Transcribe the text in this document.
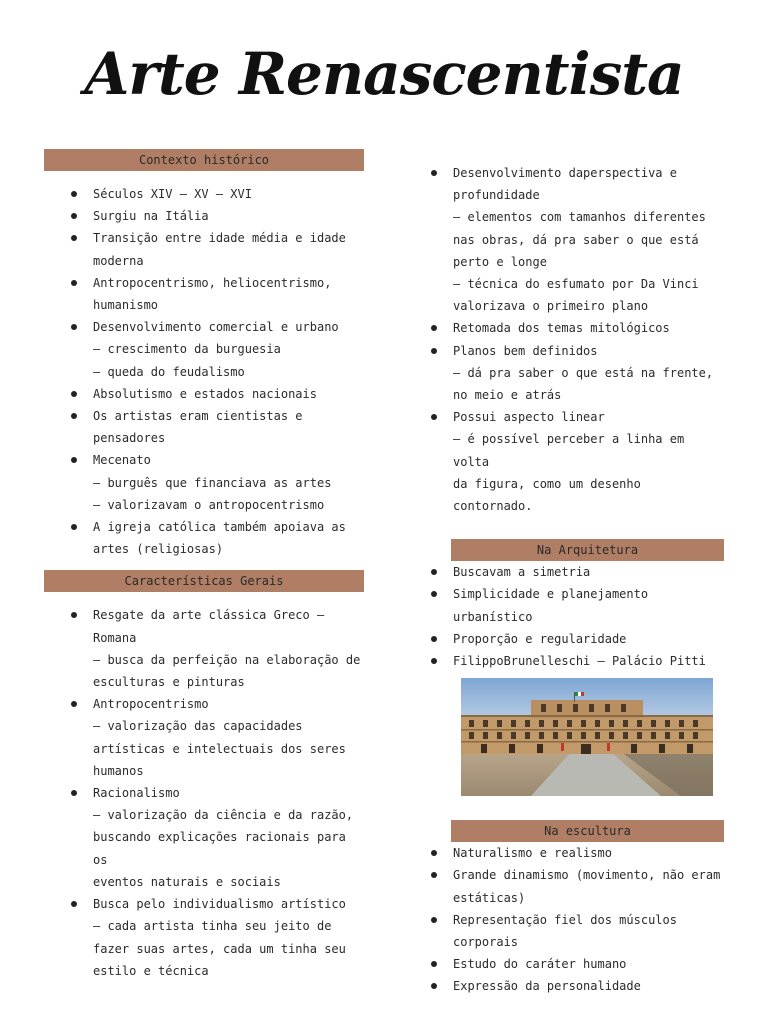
Arte Renascentista
Contexto histórico
Séculos XIV – XV – XVI
Surgiu na Itália
Transição entre idade média e idade
moderna
Antropocentrismo, heliocentrismo,
humanismo
Desenvolvimento comercial e urbano
– crescimento da burguesia
– queda do feudalismo
Absolutismo e estados nacionais
Os artistas eram cientistas e
pensadores
Mecenato
– burguês que financiava as artes
– valorizavam o antropocentrismo
A igreja católica também apoiava as
artes (religiosas)
Características Gerais
Resgate da arte clássica Greco –
Romana
– busca da perfeição na elaboração de
esculturas e pinturas
Antropocentrismo
– valorização das capacidades
artísticas e intelectuais dos seres
humanos
Racionalismo
– valorização da ciência e da razão,
buscando explicações racionais para os
eventos naturais e sociais
Busca pelo individualismo artístico
– cada artista tinha seu jeito de
fazer suas artes, cada um tinha seu
estilo e técnica
Desenvolvimento daperspectiva e
profundidade
– elementos com tamanhos diferentes
nas obras, dá pra saber o que está
perto e longe
– técnica do esfumato por Da Vinci
valorizava o primeiro plano
Retomada dos temas mitológicos
Planos bem definidos
– dá pra saber o que está na frente,
no meio e atrás
Possui aspecto linear
– é possível perceber a linha em volta
da figura, como um desenho contornado.
Na Arquitetura
Buscavam a simetria
Simplicidade e planejamento
urbanístico
Proporção e regularidade
FilippoBrunelleschi – Palácio Pitti
Na escultura
Naturalismo e realismo
Grande dinamismo (movimento, não eram
estáticas)
Representação fiel dos músculos
corporais
Estudo do caráter humano
Expressão da personalidade
